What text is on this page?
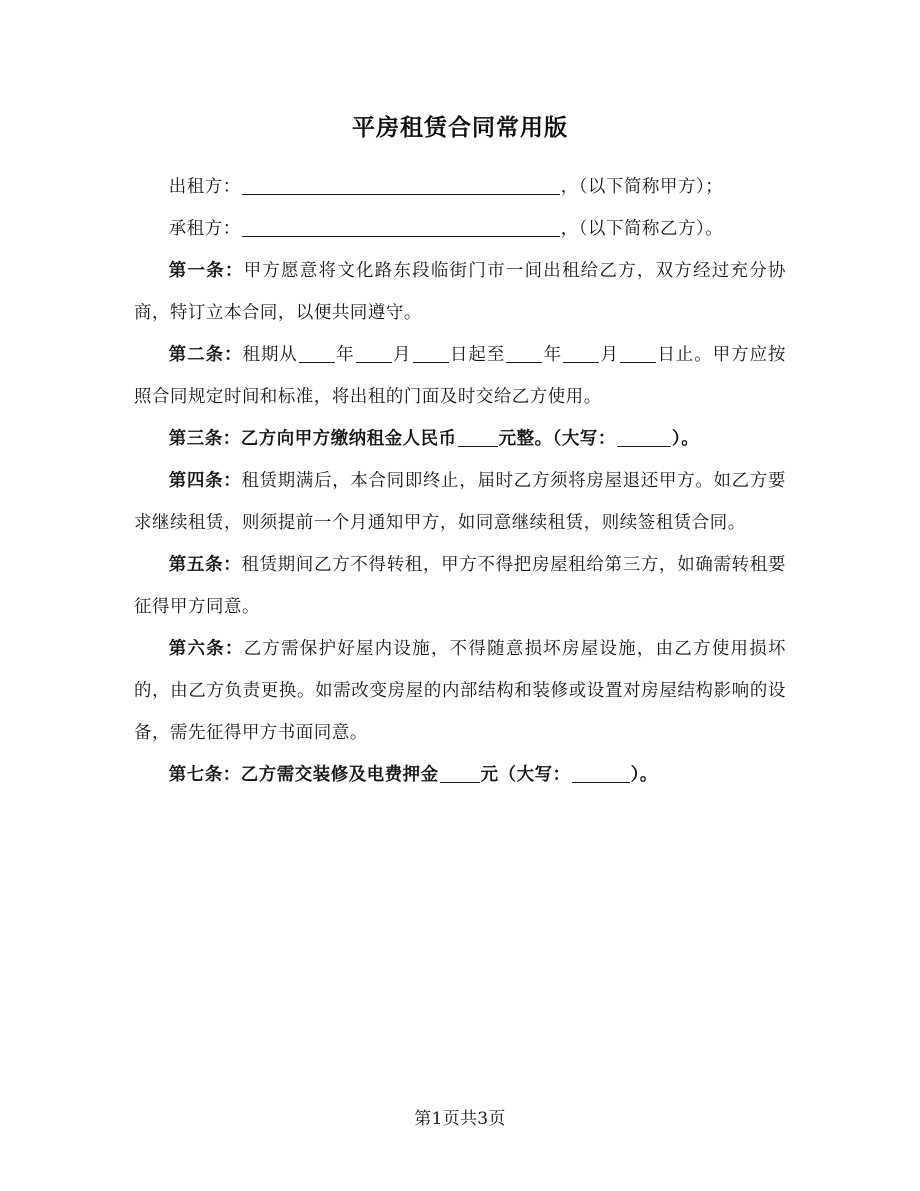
平房租赁合同常用版

出租方：	，（以下简称甲方）；

承租方：	，（以下简称乙方）。

第一条：甲方愿意将文化路东段临街门市一间出租给乙方，双方经过充分协商，特订立本合同，以便共同遵守。

第二条：租期从 年 月 日起至 年 月 日止。甲方应按照合同规定时间和标准，将出租的门面及时交给乙方使用。

第三条：乙方向甲方缴纳租金人民币 元整。（大写：	）。

第四条：租赁期满后，本合同即终止，届时乙方须将房屋退还甲方。如乙方要求继续租赁，则须提前一个月通知甲方，如同意继续租赁，则续签租赁合同。

第五条：租赁期间乙方不得转租，甲方不得把房屋租给第三方，如确需转租要征得甲方同意。

第六条：乙方需保护好屋内设施，不得随意损坏房屋设施，由乙方使用损坏的，由乙方负责更换。如需改变房屋的内部结构和装修或设置对房屋结构影响的设备，需先征得甲方书面同意。

第七条：乙方需交装修及电费押金 元（大写：	）。

第1页共3页
